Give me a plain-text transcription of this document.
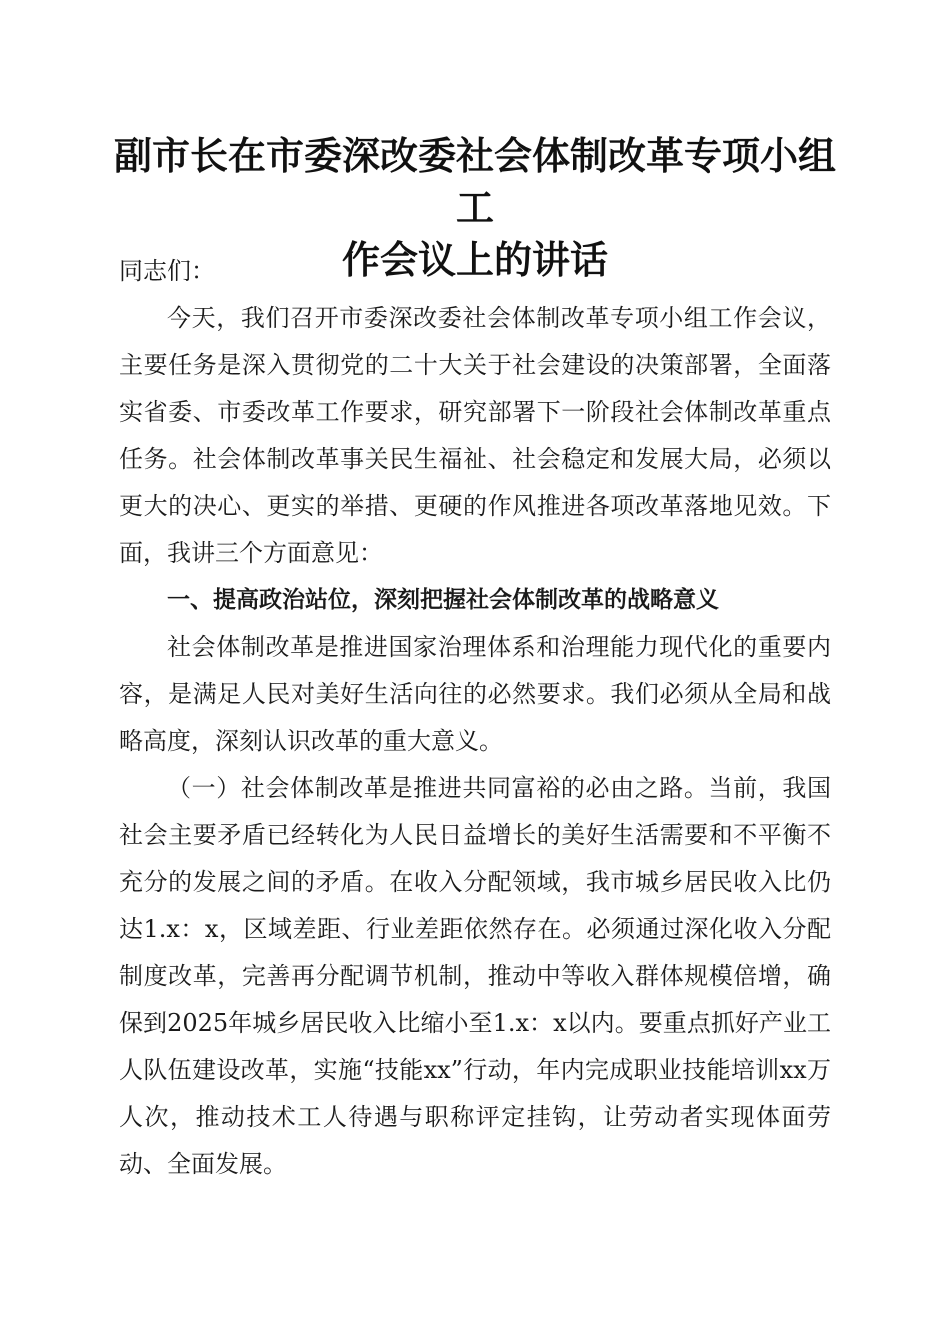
副市长在市委深改委社会体制改革专项小组工
作会议上的讲话

同志们：

今天，我们召开市委深改委社会体制改革专项小组工作会议，主要任务是深入贯彻党的二十大关于社会建设的决策部署，全面落实省委、市委改革工作要求，研究部署下一阶段社会体制改革重点任务。社会体制改革事关民生福祉、社会稳定和发展大局，必须以更大的决心、更实的举措、更硬的作风推进各项改革落地见效。下面，我讲三个方面意见：

一、提高政治站位，深刻把握社会体制改革的战略意义

社会体制改革是推进国家治理体系和治理能力现代化的重要内容，是满足人民对美好生活向往的必然要求。我们必须从全局和战略高度，深刻认识改革的重大意义。

（一）社会体制改革是推进共同富裕的必由之路。当前，我国社会主要矛盾已经转化为人民日益增长的美好生活需要和不平衡不充分的发展之间的矛盾。在收入分配领域，我市城乡居民收入比仍达1.x：x，区域差距、行业差距依然存在。必须通过深化收入分配制度改革，完善再分配调节机制，推动中等收入群体规模倍增，确保到2025年城乡居民收入比缩小至1.x：x以内。要重点抓好产业工人队伍建设改革，实施“技能xx”行动，年内完成职业技能培训xx万人次，推动技术工人待遇与职称评定挂钩，让劳动者实现体面劳动、全面发展。
